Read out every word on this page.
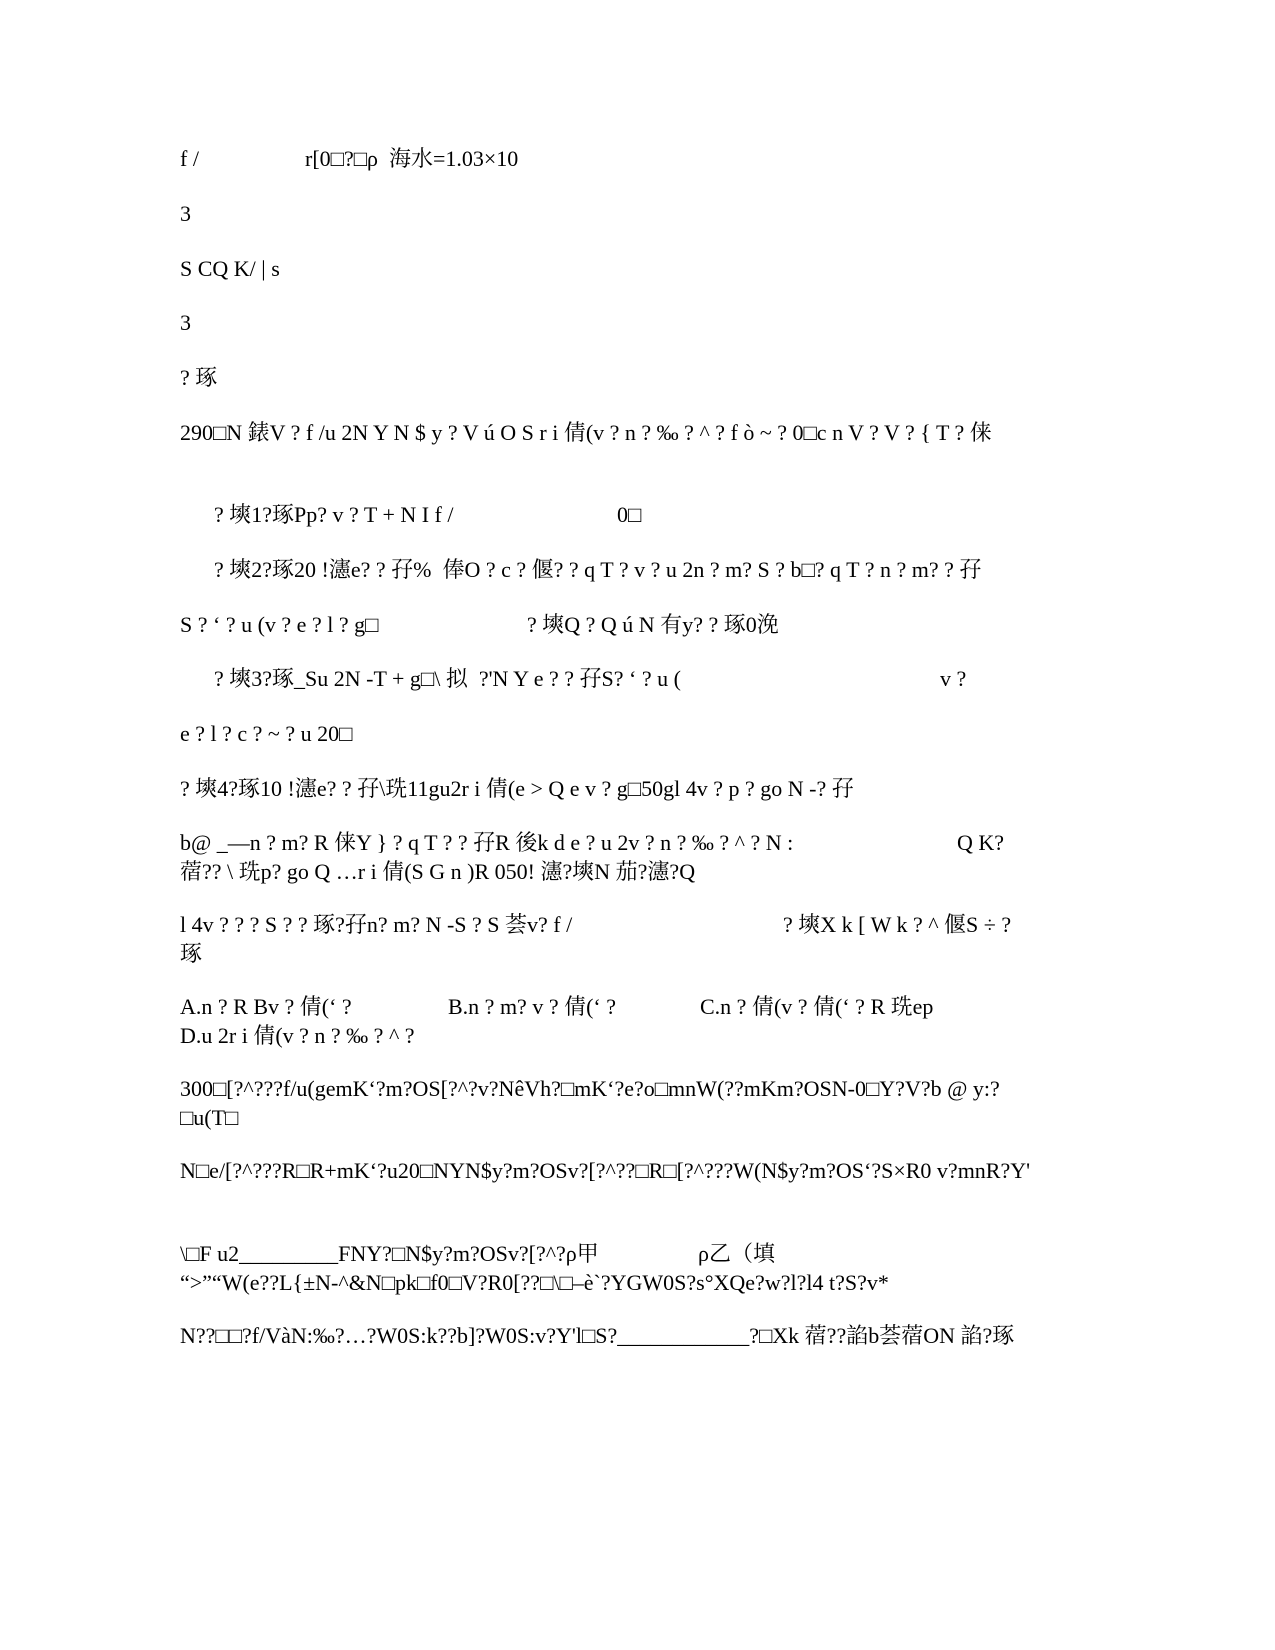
f /	r[0□?□ρ  海水=1.03×10
3
S CQ K/ | s
3
? 琢
290□N 錶V ? f /u 2N Y N $ y ? V ú O S r i 倩(v ? n ? ‰ ? ^ ? f ò ~ ? 0□c n V ? V ? { T ? 俫
? 塽1?琢Pp? v ? T + N I f /	0□
? 塽2?琢20 !瀗e? ? 孖%  俸O ? c ? 偃? ? q T ? v ? u 2n ? m? S ? b□? q T ? n ? m? ? 孖
S ? ‘ ? u (v ? e ? l ? g□	? 塽Q ? Q ú N 有y? ? 琢0浼
? 塽3?琢_Su 2N -T + g□\ 拟  ?'N Y e ? ? 孖S? ‘ ? u (	v ?
e ? l ? c ? ~ ? u 20□
? 塽4?琢10 !瀗e? ? 孖\珗11gu2r i 倩(e > Q e v ? g□50gl 4v ? p ? go N -? 孖
b@ _—n ? m? R 俫Y } ? q T ? ? 孖R 後k d e ? u 2v ? n ? ‰ ? ^ ? N :	Q K?
蓿?? \ 珗p? go Q …r i 倩(S G n )R 050! 瀗?塽N 茄?瀗?Q
l 4v ? ? ? S ? ? 琢?孖n? m? N -S ? S 荟v? f /	? 塽X k [ W k ? ^ 偃S ÷ ?
琢
A.n ? R Bv ? 倩(‘ ?	B.n ? m? v ? 倩(‘ ?	C.n ? 倩(v ? 倩(‘ ? R 珗ep
D.u 2r i 倩(v ? n ? ‰ ? ^ ?
300□[?^???f/u(gemK‘?m?OS[?^?v?NêVh?□mK‘?e?o□mnW(??mKm?OSN-0□Y?V?b @ y:?□u(T□
N□e/[?^???R□R+mK‘?u20□NYN$y?m?OSv?[?^??□R□[?^???W(N$y?m?OS‘?S×R0 v?mnR?Y'
\□F u2_________FNY?□N$y?m?OSv?[?^?ρ甲	ρ乙（填
“>”“W(e??L{±N-^&N□pk□f0□V?R0[??□\□–è`?YGW0S?s°XQe?w?l?l4 t?S?v*
N??□□?f/VàN:‰?…?W0S:k??b]?W0S:v?Y'l□S?____________?□Xk 蓿??諂b荟蓿ON 諂?琢
